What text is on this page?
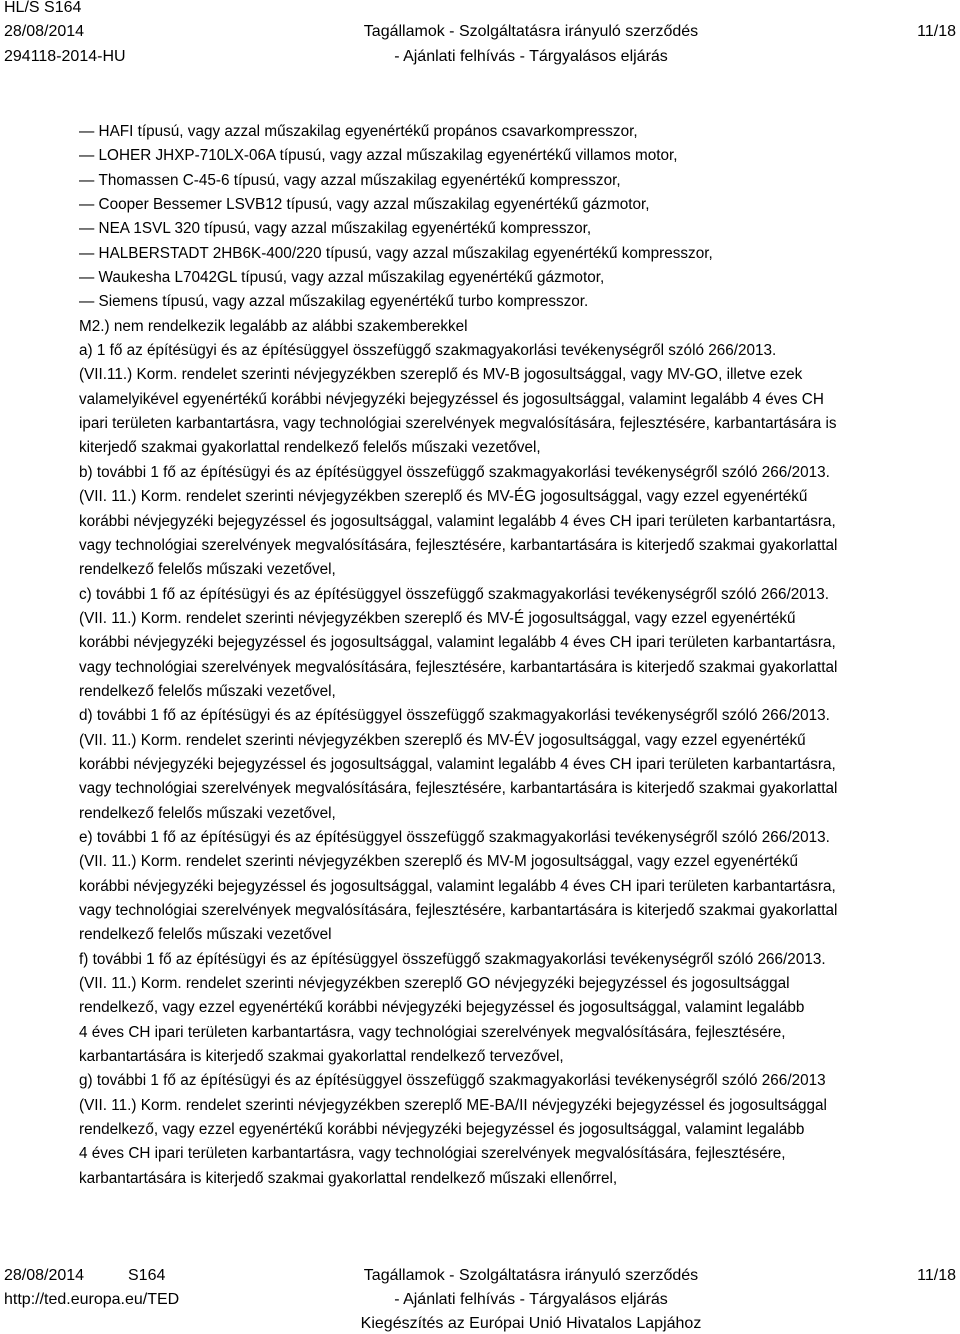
HL/S S164
28/08/2014
294118-2014-HU
Tagállamok - Szolgáltatásra irányuló szerződés
- Ajánlati felhívás - Tárgyalásos eljárás
11/18
— HAFI típusú, vagy azzal műszakilag egyenértékű propános csavarkompresszor,
— LOHER JHXP-710LX-06A típusú, vagy azzal műszakilag egyenértékű villamos motor,
— Thomassen C-45-6 típusú, vagy azzal műszakilag egyenértékű kompresszor,
— Cooper Bessemer LSVB12 típusú, vagy azzal műszakilag egyenértékű gázmotor,
— NEA 1SVL 320 típusú, vagy azzal műszakilag egyenértékű kompresszor,
— HALBERSTADT 2HB6K-400/220 típusú, vagy azzal műszakilag egyenértékű kompresszor,
— Waukesha L7042GL típusú, vagy azzal műszakilag egyenértékű gázmotor,
— Siemens típusú, vagy azzal műszakilag egyenértékű turbo kompresszor.
M2.) nem rendelkezik legalább az alábbi szakemberekkel
a) 1 fő az építésügyi és az építésüggyel összefüggő szakmagyakorlási tevékenységről szóló 266/2013.
(VII.11.) Korm. rendelet szerinti névjegyzékben szereplő és MV-B jogosultsággal, vagy MV-GO, illetve ezek
valamelyikével egyenértékű korábbi névjegyzéki bejegyzéssel és jogosultsággal, valamint legalább 4 éves CH
ipari területen karbantartásra, vagy technológiai szerelvények megvalósítására, fejlesztésére, karbantartására is
kiterjedő szakmai gyakorlattal rendelkező felelős műszaki vezetővel,
b) további 1 fő az építésügyi és az építésüggyel összefüggő szakmagyakorlási tevékenységről szóló 266/2013.
(VII. 11.) Korm. rendelet szerinti névjegyzékben szereplő és MV-ÉG jogosultsággal, vagy ezzel egyenértékű
korábbi névjegyzéki bejegyzéssel és jogosultsággal, valamint legalább 4 éves CH ipari területen karbantartásra,
vagy technológiai szerelvények megvalósítására, fejlesztésére, karbantartására is kiterjedő szakmai gyakorlattal
rendelkező felelős műszaki vezetővel,
c) további 1 fő az építésügyi és az építésüggyel összefüggő szakmagyakorlási tevékenységről szóló 266/2013.
(VII. 11.) Korm. rendelet szerinti névjegyzékben szereplő és MV-É jogosultsággal, vagy ezzel egyenértékű
korábbi névjegyzéki bejegyzéssel és jogosultsággal, valamint legalább 4 éves CH ipari területen karbantartásra,
vagy technológiai szerelvények megvalósítására, fejlesztésére, karbantartására is kiterjedő szakmai gyakorlattal
rendelkező felelős műszaki vezetővel,
d) további 1 fő az építésügyi és az építésüggyel összefüggő szakmagyakorlási tevékenységről szóló 266/2013.
(VII. 11.) Korm. rendelet szerinti névjegyzékben szereplő és MV-ÉV jogosultsággal, vagy ezzel egyenértékű
korábbi névjegyzéki bejegyzéssel és jogosultsággal, valamint legalább 4 éves CH ipari területen karbantartásra,
vagy technológiai szerelvények megvalósítására, fejlesztésére, karbantartására is kiterjedő szakmai gyakorlattal
rendelkező felelős műszaki vezetővel,
e) további 1 fő az építésügyi és az építésüggyel összefüggő szakmagyakorlási tevékenységről szóló 266/2013.
(VII. 11.) Korm. rendelet szerinti névjegyzékben szereplő és MV-M jogosultsággal, vagy ezzel egyenértékű
korábbi névjegyzéki bejegyzéssel és jogosultsággal, valamint legalább 4 éves CH ipari területen karbantartásra,
vagy technológiai szerelvények megvalósítására, fejlesztésére, karbantartására is kiterjedő szakmai gyakorlattal
rendelkező felelős műszaki vezetővel
f) további 1 fő az építésügyi és az építésüggyel összefüggő szakmagyakorlási tevékenységről szóló 266/2013.
(VII. 11.) Korm. rendelet szerinti névjegyzékben szereplő GO névjegyzéki bejegyzéssel és jogosultsággal
rendelkező, vagy ezzel egyenértékű korábbi névjegyzéki bejegyzéssel és jogosultsággal, valamint legalább
4 éves CH ipari területen karbantartásra, vagy technológiai szerelvények megvalósítására, fejlesztésére,
karbantartására is kiterjedő szakmai gyakorlattal rendelkező tervezővel,
g) további 1 fő az építésügyi és az építésüggyel összefüggő szakmagyakorlási tevékenységről szóló 266/2013
(VII. 11.) Korm. rendelet szerinti névjegyzékben szereplő ME-BA/II névjegyzéki bejegyzéssel és jogosultsággal
rendelkező, vagy ezzel egyenértékű korábbi névjegyzéki bejegyzéssel és jogosultsággal, valamint legalább
4 éves CH ipari területen karbantartásra, vagy technológiai szerelvények megvalósítására, fejlesztésére,
karbantartására is kiterjedő szakmai gyakorlattal rendelkező műszaki ellenőrrel,
28/08/2014	S164
http://ted.europa.eu/TED
Tagállamok - Szolgáltatásra irányuló szerződés
- Ajánlati felhívás - Tárgyalásos eljárás
Kiegészítés az Európai Unió Hivatalos Lapjához
11/18
